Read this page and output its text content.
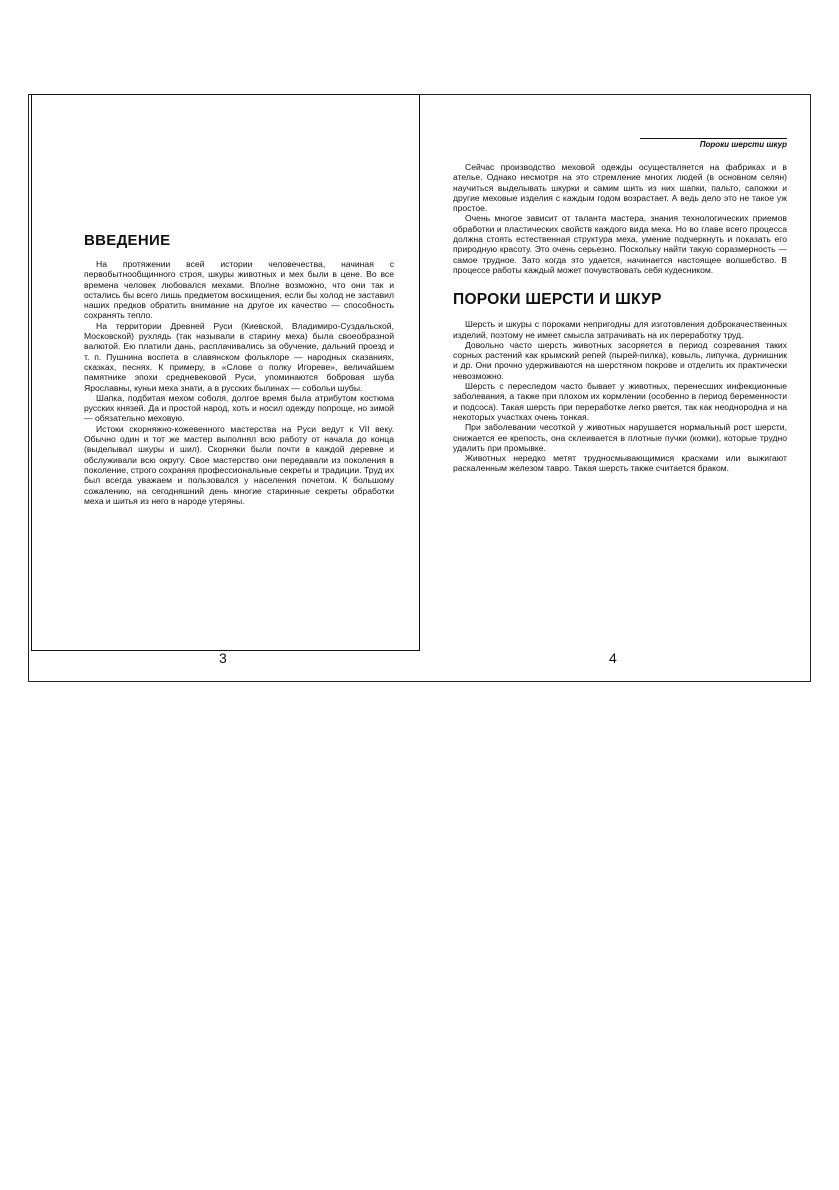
ВВЕДЕНИЕ

На протяжении всей истории человечества, начиная с первобытнообщинного строя, шкуры животных и мех были в цене. Во все времена человек любовался мехами. Вполне возможно, что они так и остались бы всего лишь предметом восхищения, если бы холод не заставил наших предков обратить внимание на другое их качество — способность сохранять тепло.

На территории Древней Руси (Киевской, Владимиро-Суздальской, Московской) рухлядь (так называли в старину меха) была своеобразной валютой. Ею платили дань, расплачивались за обучение, дальний проезд и т. п. Пушнина воспета в славянском фольклоре — народных сказаниях, сказках, песнях. К примеру, в «Слове о полку Игореве», величайшем памятнике эпохи средневековой Руси, упоминаются бобровая шуба Ярославны, куньи меха знати, а в русских былинах — собольи шубы.

Шапка, подбитая мехом соболя, долгое время была атрибутом костюма русских князей. Да и простой народ, хоть и носил одежду попроще, но зимой — обязательно меховую.

Истоки скорняжно-кожевенного мастерства на Руси ведут к VII веку. Обычно один и тот же мастер выполнял всю работу от начала до конца (выделывал шкуры и шил). Скорняки были почти в каждой деревне и обслуживали всю округу. Свое мастерство они передавали из поколения в поколение, строго сохраняя профессиональные секреты и традиции. Труд их был всегда уважаем и пользовался у населения почетом. К большому сожалению, на сегодняшний день многие старинные секреты обработки меха и шитья из него в народе утеряны.

Пороки шерсти шкур

Сейчас производство меховой одежды осуществляется на фабриках и в ателье. Однако несмотря на это стремление многих людей (в основном селян) научиться выделывать шкурки и самим шить из них шапки, пальто, сапожки и другие меховые изделия с каждым годом возрастает. А ведь дело это не такое уж простое.

Очень многое зависит от таланта мастера, знания технологических приемов обработки и пластических свойств каждого вида меха. Но во главе всего процесса должна стоять естественная структура меха, умение подчеркнуть и показать его природную красоту. Это очень серьезно. Поскольку найти такую соразмерность — самое трудное. Зато когда это удается, начинается настоящее волшебство. В процессе работы каждый может почувствовать себя кудесником.

ПОРОКИ ШЕРСТИ И ШКУР

Шерсть и шкуры с пороками непригодны для изготовления доброкачественных изделий, поэтому не имеет смысла затрачивать на их переработку труд.

Довольно часто шерсть животных засоряется в период созревания таких сорных растений как крымский репей (пырей-пилка), ковыль, липучка, дурнишник и др. Они прочно удерживаются на шерстяном покрове и отделить их практически невозможно.

Шерсть с переследом часто бывает у животных, перенесших инфекционные заболевания, а также при плохом их кормлении (особенно в период беременности и подсоса). Такая шерсть при переработке легко рвется, так как неоднородна и на некоторых участках очень тонкая.

При заболевании чесоткой у животных нарушается нормальный рост шерсти, снижается ее крепость, она склеивается в плотные пучки (комки), которые трудно удалить при промывке.

Животных нередко метят трудносмывающимися красками или выжигают раскаленным железом тавро. Такая шерсть также считается браком.

3	4
